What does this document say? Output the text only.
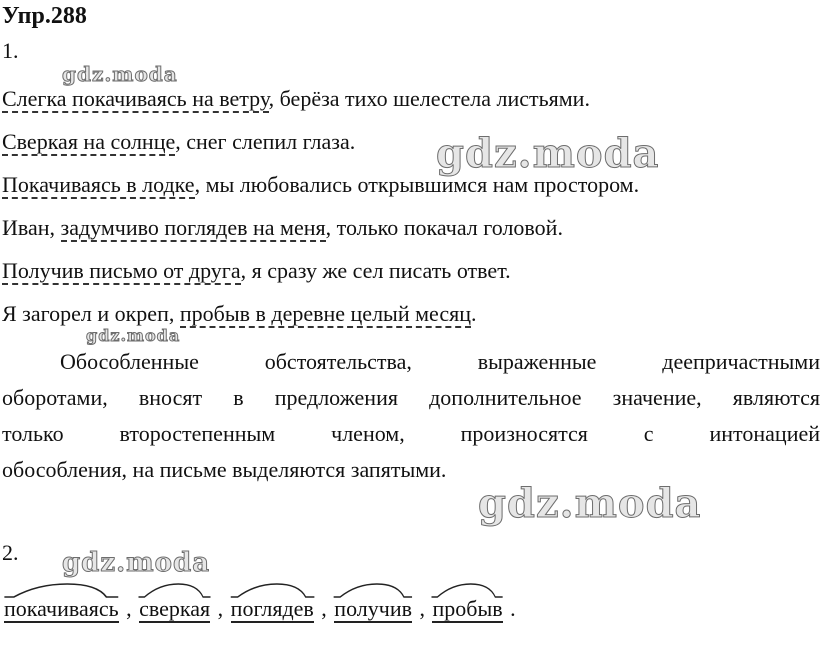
Упр.288
1.
Слегка покачиваясь на ветру, берёза тихо шелестела листьями.
Сверкая на солнце, снег слепил глаза.
Покачиваясь в лодке, мы любовались открывшимся нам простором.
Иван, задумчиво поглядев на меня, только покачал головой.
Получив письмо от друга, я сразу же сел писать ответ.
Я загорел и окреп, пробыв в деревне целый месяц.
Обособленные обстоятельства, выраженные деепричастными
оборотами, вносят в предложения дополнительное значение, являются
только второстепенным членом, произносятся с интонацией
обособления, на письме выделяются запятыми.
2.
покачиваясь ,
сверкая ,
поглядев ,
получив ,
пробыв .
gdz.moda
gdz.moda
gdz.moda
gdz.moda
gdz.moda
